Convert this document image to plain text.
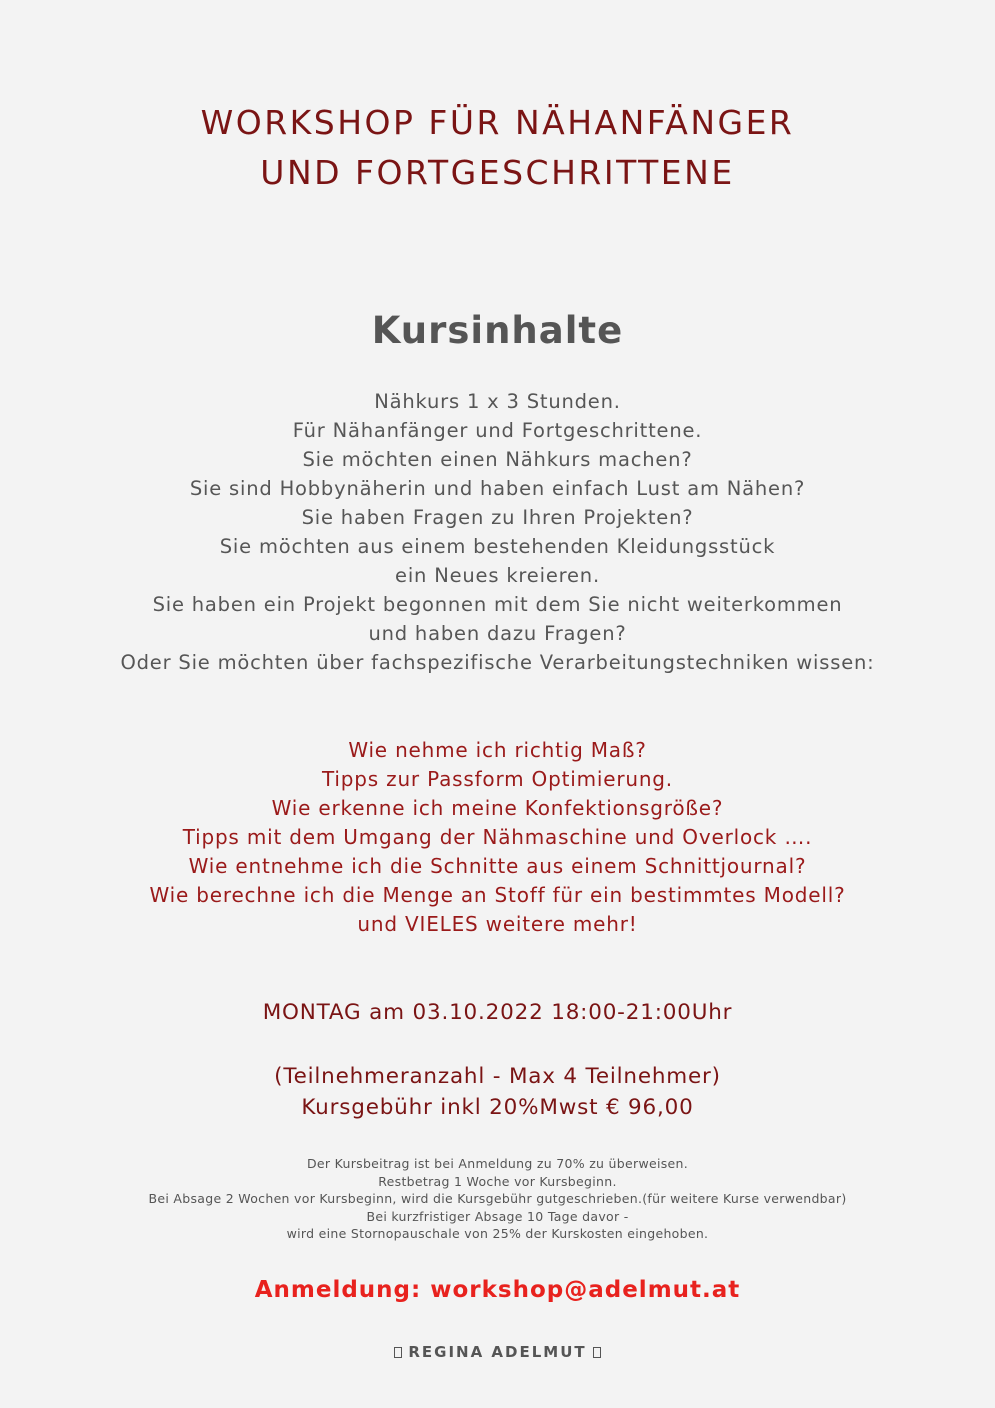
WORKSHOP FÜR NÄHANFÄNGER
UND FORTGESCHRITTENE
Kursinhalte
Nähkurs 1 x 3 Stunden.
Für Nähanfänger und Fortgeschrittene.
Sie möchten einen Nähkurs machen?
Sie sind Hobbynäherin und haben einfach Lust am Nähen?
Sie haben Fragen zu Ihren Projekten?
Sie möchten aus einem bestehenden Kleidungsstück
ein Neues kreieren.
Sie haben ein Projekt begonnen mit dem Sie nicht weiterkommen
und haben dazu Fragen?
Oder Sie möchten über fachspezifische Verarbeitungstechniken wissen:
Wie nehme ich richtig Maß?
Tipps zur Passform Optimierung.
Wie erkenne ich meine Konfektionsgröße?
Tipps mit dem Umgang der Nähmaschine und Overlock ….
Wie entnehme ich die Schnitte aus einem Schnittjournal?
Wie berechne ich die Menge an Stoff für ein bestimmtes Modell?
und VIELES weitere mehr!
MONTAG am 03.10.2022 18:00-21:00Uhr
(Teilnehmeranzahl - Max 4 Teilnehmer)
Kursgebühr inkl 20%Mwst € 96,00
Der Kursbeitrag ist bei Anmeldung zu 70% zu überweisen.
Restbetrag 1 Woche vor Kursbeginn.
Bei Absage 2 Wochen vor Kursbeginn, wird die Kursgebühr gutgeschrieben.(für weitere Kurse verwendbar)
Bei kurzfristiger Absage 10 Tage davor -
wird eine Stornopauschale von 25% der Kurskosten eingehoben.
Anmeldung: workshop@adelmut.at
REGINA ADELMUT
